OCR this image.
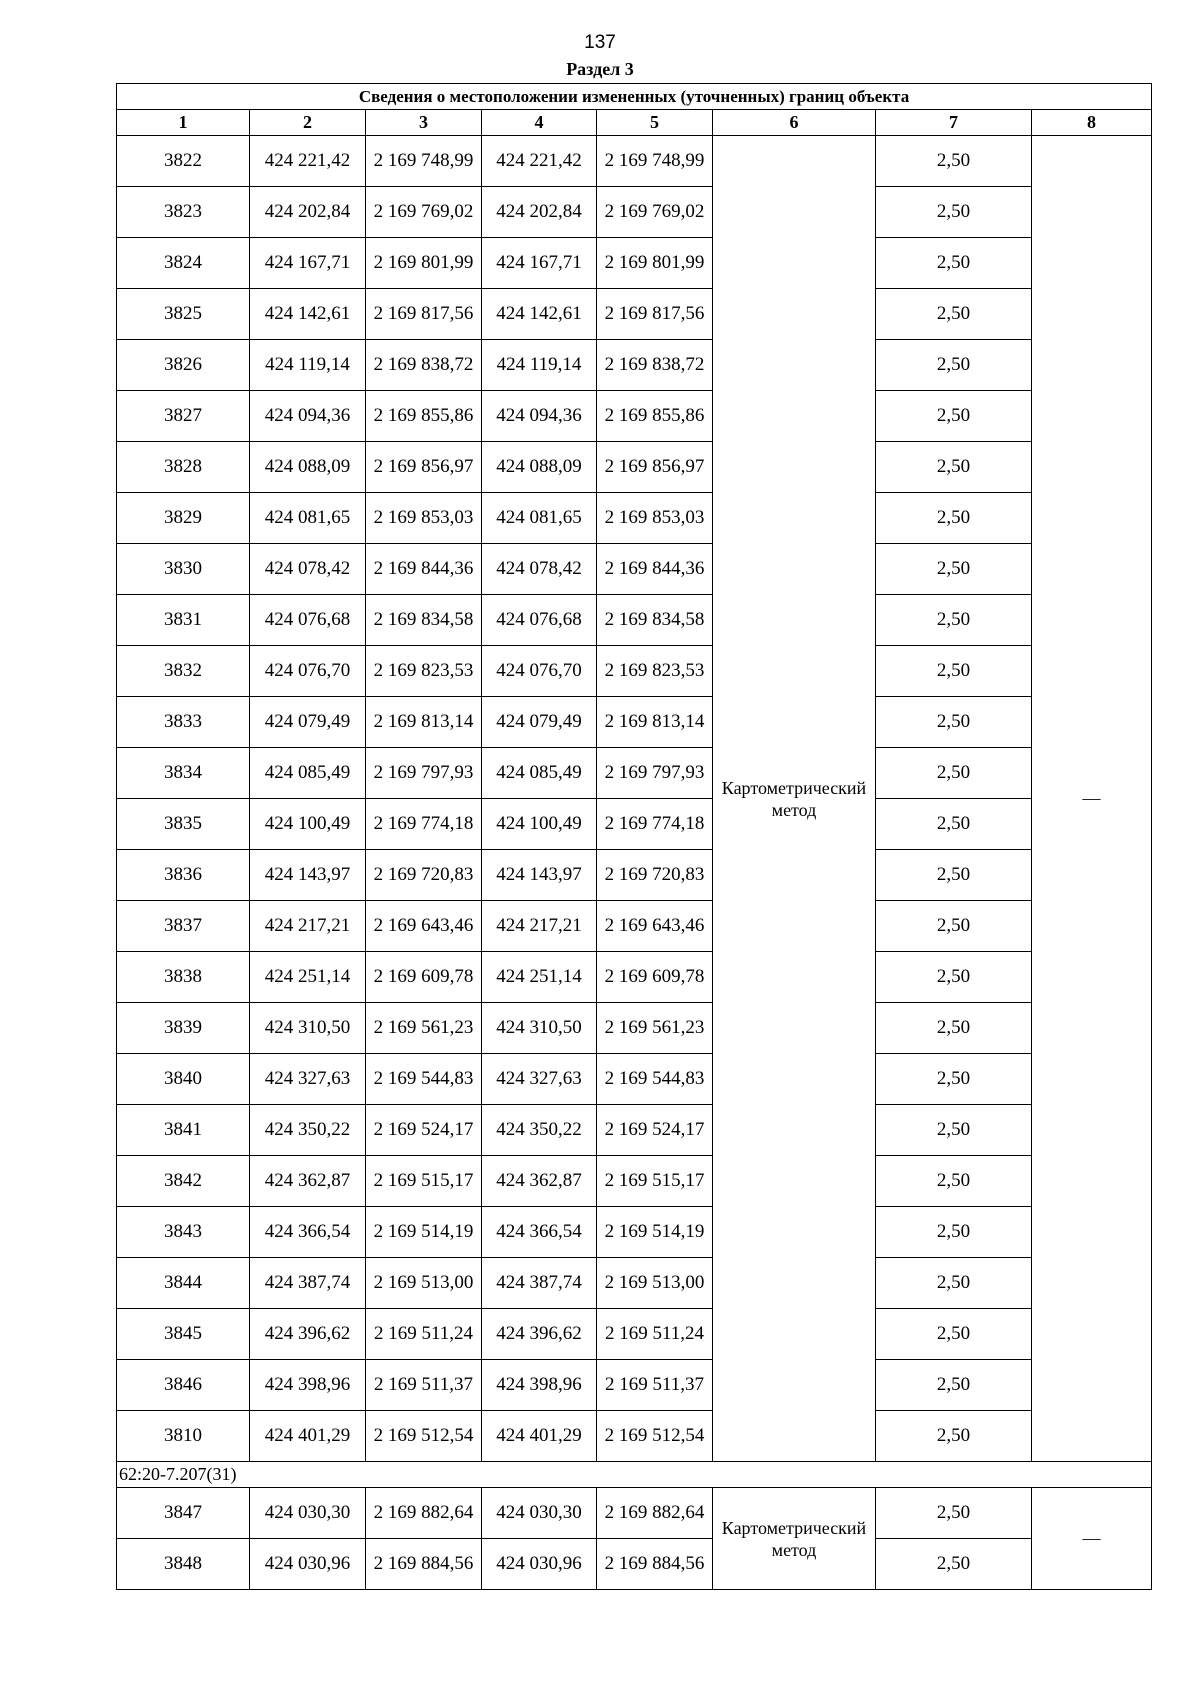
137
Раздел 3
Сведения о местоположении измененных (уточненных) границ объекта							
1	2	3	4	5	6	7	8
3822	424 221,42	2 169 748,99	424 221,42	2 169 748,99	Картометрический метод	2,50	—
3823	424 202,84	2 169 769,02	424 202,84	2 169 769,02		2,50	
3824	424 167,71	2 169 801,99	424 167,71	2 169 801,99		2,50	
3825	424 142,61	2 169 817,56	424 142,61	2 169 817,56		2,50	
3826	424 119,14	2 169 838,72	424 119,14	2 169 838,72		2,50	
3827	424 094,36	2 169 855,86	424 094,36	2 169 855,86		2,50	
3828	424 088,09	2 169 856,97	424 088,09	2 169 856,97		2,50	
3829	424 081,65	2 169 853,03	424 081,65	2 169 853,03		2,50	
3830	424 078,42	2 169 844,36	424 078,42	2 169 844,36		2,50	
3831	424 076,68	2 169 834,58	424 076,68	2 169 834,58		2,50	
3832	424 076,70	2 169 823,53	424 076,70	2 169 823,53		2,50	
3833	424 079,49	2 169 813,14	424 079,49	2 169 813,14		2,50	
3834	424 085,49	2 169 797,93	424 085,49	2 169 797,93		2,50	
3835	424 100,49	2 169 774,18	424 100,49	2 169 774,18		2,50	
3836	424 143,97	2 169 720,83	424 143,97	2 169 720,83		2,50	
3837	424 217,21	2 169 643,46	424 217,21	2 169 643,46		2,50	
3838	424 251,14	2 169 609,78	424 251,14	2 169 609,78		2,50	
3839	424 310,50	2 169 561,23	424 310,50	2 169 561,23		2,50	
3840	424 327,63	2 169 544,83	424 327,63	2 169 544,83		2,50	
3841	424 350,22	2 169 524,17	424 350,22	2 169 524,17		2,50	
3842	424 362,87	2 169 515,17	424 362,87	2 169 515,17		2,50	
3843	424 366,54	2 169 514,19	424 366,54	2 169 514,19		2,50	
3844	424 387,74	2 169 513,00	424 387,74	2 169 513,00		2,50	
3845	424 396,62	2 169 511,24	424 396,62	2 169 511,24		2,50	
3846	424 398,96	2 169 511,37	424 398,96	2 169 511,37		2,50	
3810	424 401,29	2 169 512,54	424 401,29	2 169 512,54		2,50	
62:20-7.207(31)							
3847	424 030,30	2 169 882,64	424 030,30	2 169 882,64	Картометрический метод	2,50	—
3848	424 030,96	2 169 884,56	424 030,96	2 169 884,56		2,50	
